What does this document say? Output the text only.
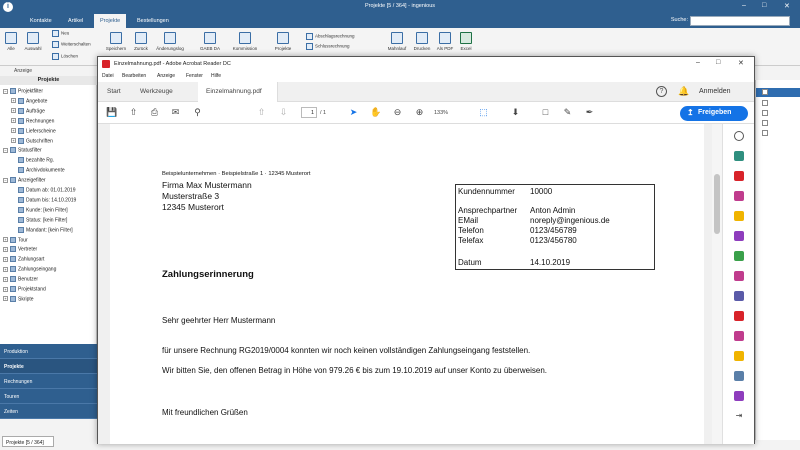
i	Projekte [5 / 364] - ingenious	– □	✕
Kontakte	Artikel	Projekte	Bestellungen	Suche:
Alle	Auswahl
Neu
Weiterschalten
Löschen
Speichern	Zurück	Änderungslog	GAEB DA	Kommission	Projekte
Abschlagsrechnung
Schlussrechnung	Mahnlauf	Drucken	Als PDF	Excel
Anzeige
Projekte
− Projektfilter
+ Angebote
+ Aufträge
+ Rechnungen
+ Lieferscheine
+ Gutschriften
− Statusfilter
bezahlte Rg.
Archivdokumente
− Anzeigefilter
Datum ab: 01.01.2019
Datum bis: 14.10.2019
Kunde: [kein Filter]
Status: [kein Filter]
Mandant: [kein Filter]
+ Tour
+ Vertreter
+ Zahlungsart
+ Zahlungseingang
+ Benutzer
+ Projektstand
+ Skripte
Produktion
Projekte
Rechnungen
Touren
Zeiten
Projekte [5 / 364]
Einzelmahnung.pdf - Adobe Acrobat Reader DC	– □	✕
Datei Bearbeiten Anzeige Fenster Hilfe
Start	Werkzeuge	Einzelmahnung.pdf	?	🔔 Anmelden
💾 ⇧ ⎙ ✉ ⚲	⇧ ⇩	1	/ 1	➤ ✋ ⊖ ⊕	133%	⬚	⬇	□	✎ ✒	↥ Freigeben
Beispielunternehmen · Beispielstraße 1 · 12345 Musterort
Firma Max Mustermann
Musterstraße 3
12345 Musterort
Kundennummer 10000
Ansprechpartner Anton Admin
EMail	noreply@ingenious.de
Telefon	0123/456789
Telefax	0123/456780
Datum	14.10.2019
Zahlungserinnerung
Sehr geehrter Herr Mustermann
für unsere Rechnung RG2019/0004 konnten wir noch keinen vollständigen Zahlungseingang feststellen.
Wir bitten Sie, den offenen Betrag in Höhe von 979.26 € bis zum 19.10.2019 auf unser Konto zu überweisen.
Mit freundlichen Grüßen	⇥
